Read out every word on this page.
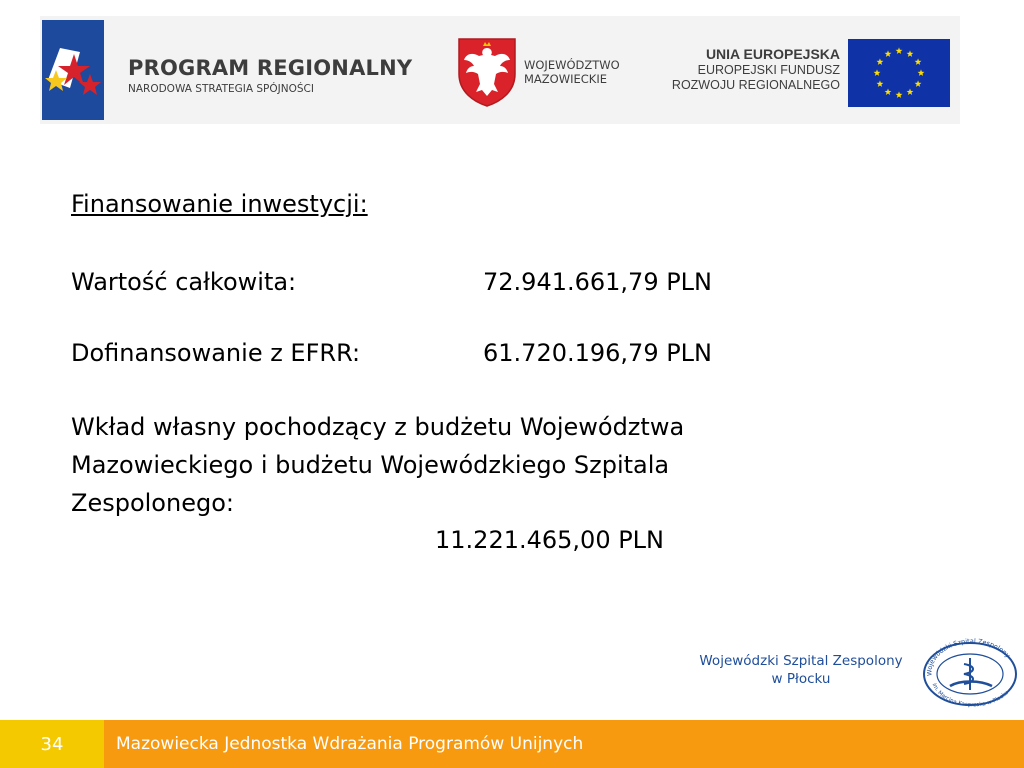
PROGRAM REGIONALNY
NARODOWA STRATEGIA SPÓJNOŚCI
WOJEWÓDZTWO
MAZOWIECKIE
UNIA EUROPEJSKA
EUROPEJSKI FUNDUSZ
ROZWOJU REGIONALNEGO
Finansowanie inwestycji:
Wartość całkowita:	72.941.661,79 PLN
Dofinansowanie z EFRR:	61.720.196,79 PLN
Wkład własny pochodzący z budżetu Województwa
Mazowieckiego i budżetu Wojewódzkiego Szpitala
Zespolonego:
11.221.465,00 PLN
Wojewódzki Szpital Zespolony
w Płocku	Wojewódzki Szpital Zespolony
im. Marcina Kacprzaka w Płocku
34	Mazowiecka Jednostka Wdrażania Programów Unijnych
